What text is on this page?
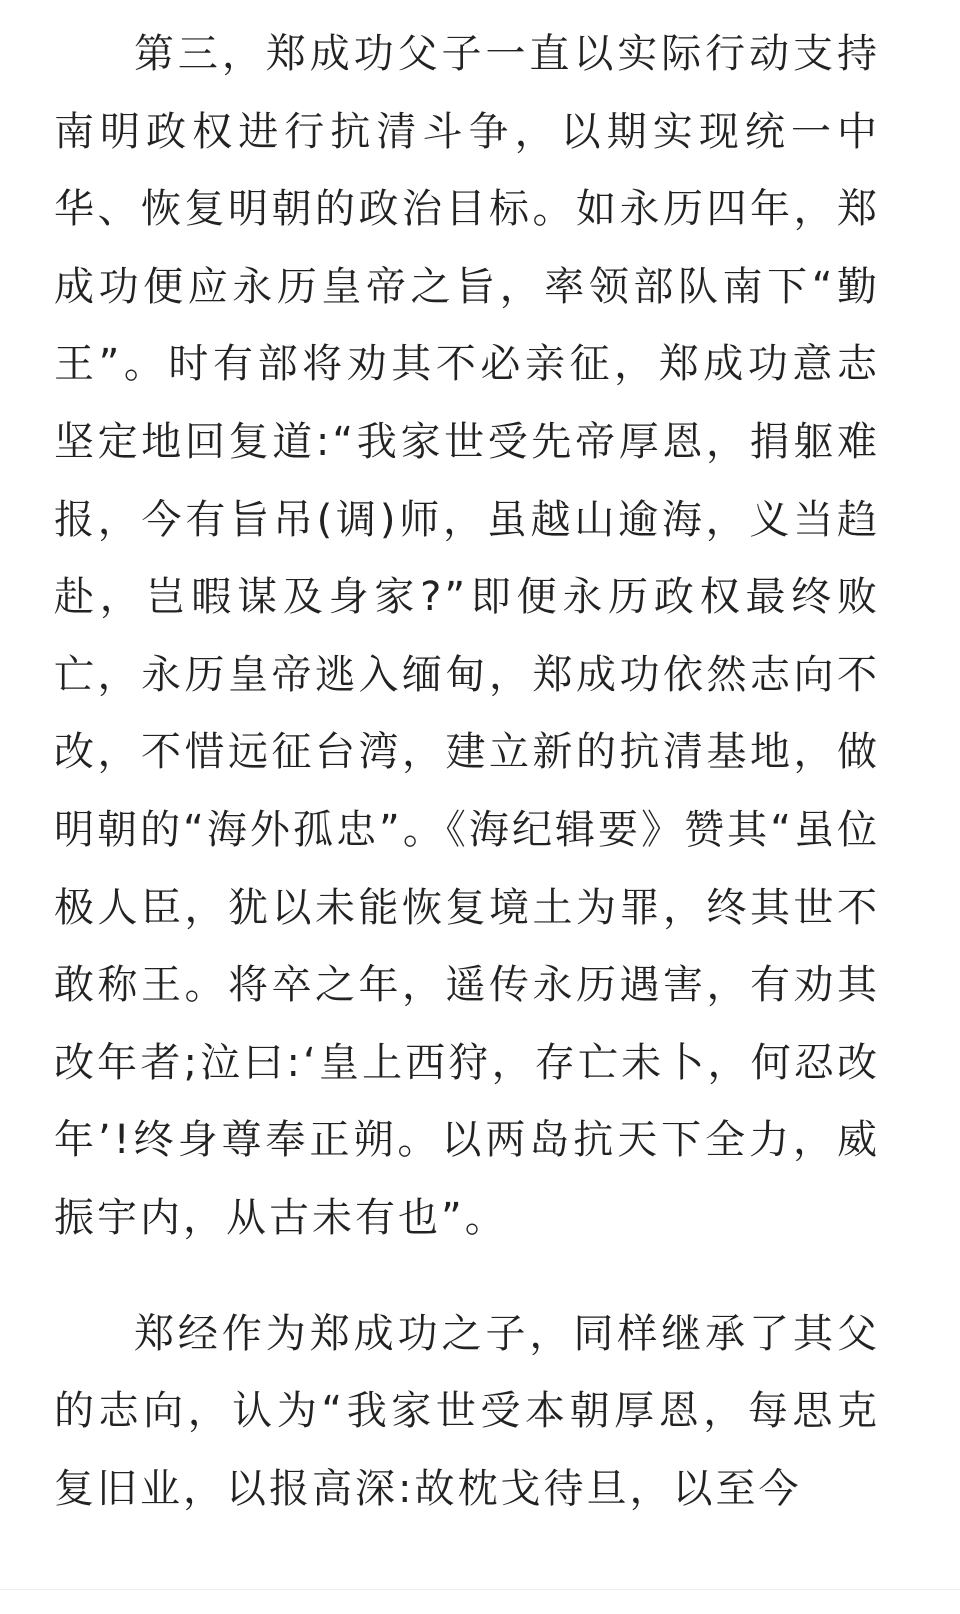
第三，郑成功父子一直以实际行动支持南明政权进行抗清斗争，以期实现统一中华、恢复明朝的政治目标。如永历四年，郑成功便应永历皇帝之旨，率领部队南下“勤王”。时有部将劝其不必亲征，郑成功意志坚定地回复道:“我家世受先帝厚恩，捐躯难报，今有旨吊(调)师，虽越山逾海，义当趋赴，岂暇谋及身家?”即便永历政权最终败亡，永历皇帝逃入缅甸，郑成功依然志向不改，不惜远征台湾，建立新的抗清基地，做明朝的“海外孤忠”。《海纪辑要》赞其“虽位极人臣，犹以未能恢复境土为罪，终其世不敢称王。将卒之年，遥传永历遇害，有劝其改年者;泣曰:‘皇上西狩，存亡未卜，何忍改年’!终身尊奉正朔。以两岛抗天下全力，威振宇内，从古未有也”。

郑经作为郑成功之子，同样继承了其父的志向，认为“我家世受本朝厚恩，每思克复旧业，以报高深:故枕戈待旦，以至今
